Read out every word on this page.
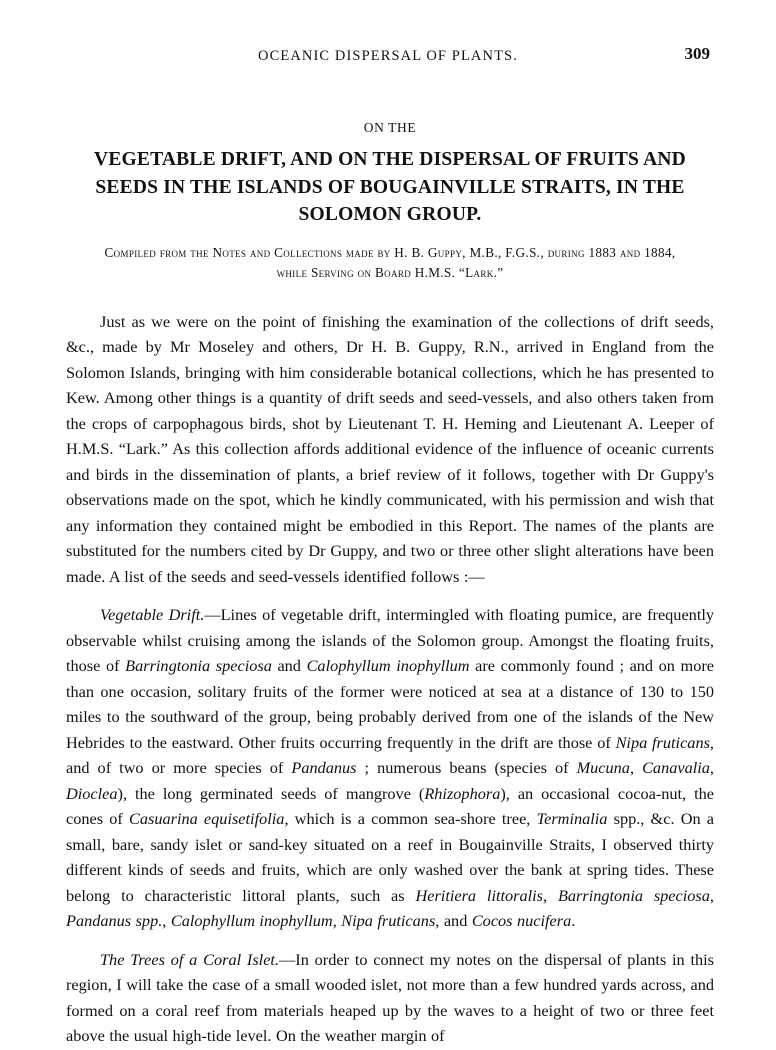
OCEANIC DISPERSAL OF PLANTS.	309
ON THE
VEGETABLE DRIFT, AND ON THE DISPERSAL OF FRUITS AND SEEDS IN THE ISLANDS OF BOUGAINVILLE STRAITS, IN THE SOLOMON GROUP.
Compiled from the Notes and Collections made by H. B. Guppy, M.B., F.G.S., during 1883 and 1884,
while Serving on Board H.M.S. “Lark.”

Just as we were on the point of finishing the examination of the collections of drift seeds, &c., made by Mr Moseley and others, Dr H. B. Guppy, R.N., arrived in England from the Solomon Islands, bringing with him considerable botanical collections, which he has presented to Kew. Among other things is a quantity of drift seeds and seed-vessels, and also others taken from the crops of carpophagous birds, shot by Lieutenant T. H. Heming and Lieutenant A. Leeper of H.M.S. “Lark.” As this collection affords additional evidence of the influence of oceanic currents and birds in the dissemination of plants, a brief review of it follows, together with Dr Guppy's observations made on the spot, which he kindly communicated, with his permission and wish that any information they contained might be embodied in this Report. The names of the plants are substituted for the numbers cited by Dr Guppy, and two or three other slight alterations have been made. A list of the seeds and seed-vessels identified follows :—

Vegetable Drift.—Lines of vegetable drift, intermingled with floating pumice, are frequently observable whilst cruising among the islands of the Solomon group. Amongst the floating fruits, those of Barringtonia speciosa and Calophyllum inophyllum are commonly found ; and on more than one occasion, solitary fruits of the former were noticed at sea at a distance of 130 to 150 miles to the southward of the group, being probably derived from one of the islands of the New Hebrides to the eastward. Other fruits occurring frequently in the drift are those of Nipa fruticans, and of two or more species of Pandanus ; numerous beans (species of Mucuna, Canavalia, Dioclea), the long germinated seeds of mangrove (Rhizophora), an occasional cocoa-nut, the cones of Casuarina equisetifolia, which is a common sea-shore tree, Terminalia spp., &c. On a small, bare, sandy islet or sand-key situated on a reef in Bougainville Straits, I observed thirty different kinds of seeds and fruits, which are only washed over the bank at spring tides. These belong to characteristic littoral plants, such as Heritiera littoralis, Barringtonia speciosa, Pandanus spp., Calophyllum inophyllum, Nipa fruticans, and Cocos nucifera.

The Trees of a Coral Islet.—In order to connect my notes on the dispersal of plants in this region, I will take the case of a small wooded islet, not more than a few hundred yards across, and formed on a coral reef from materials heaped up by the waves to a height of two or three feet above the usual high-tide level. On the weather margin of
